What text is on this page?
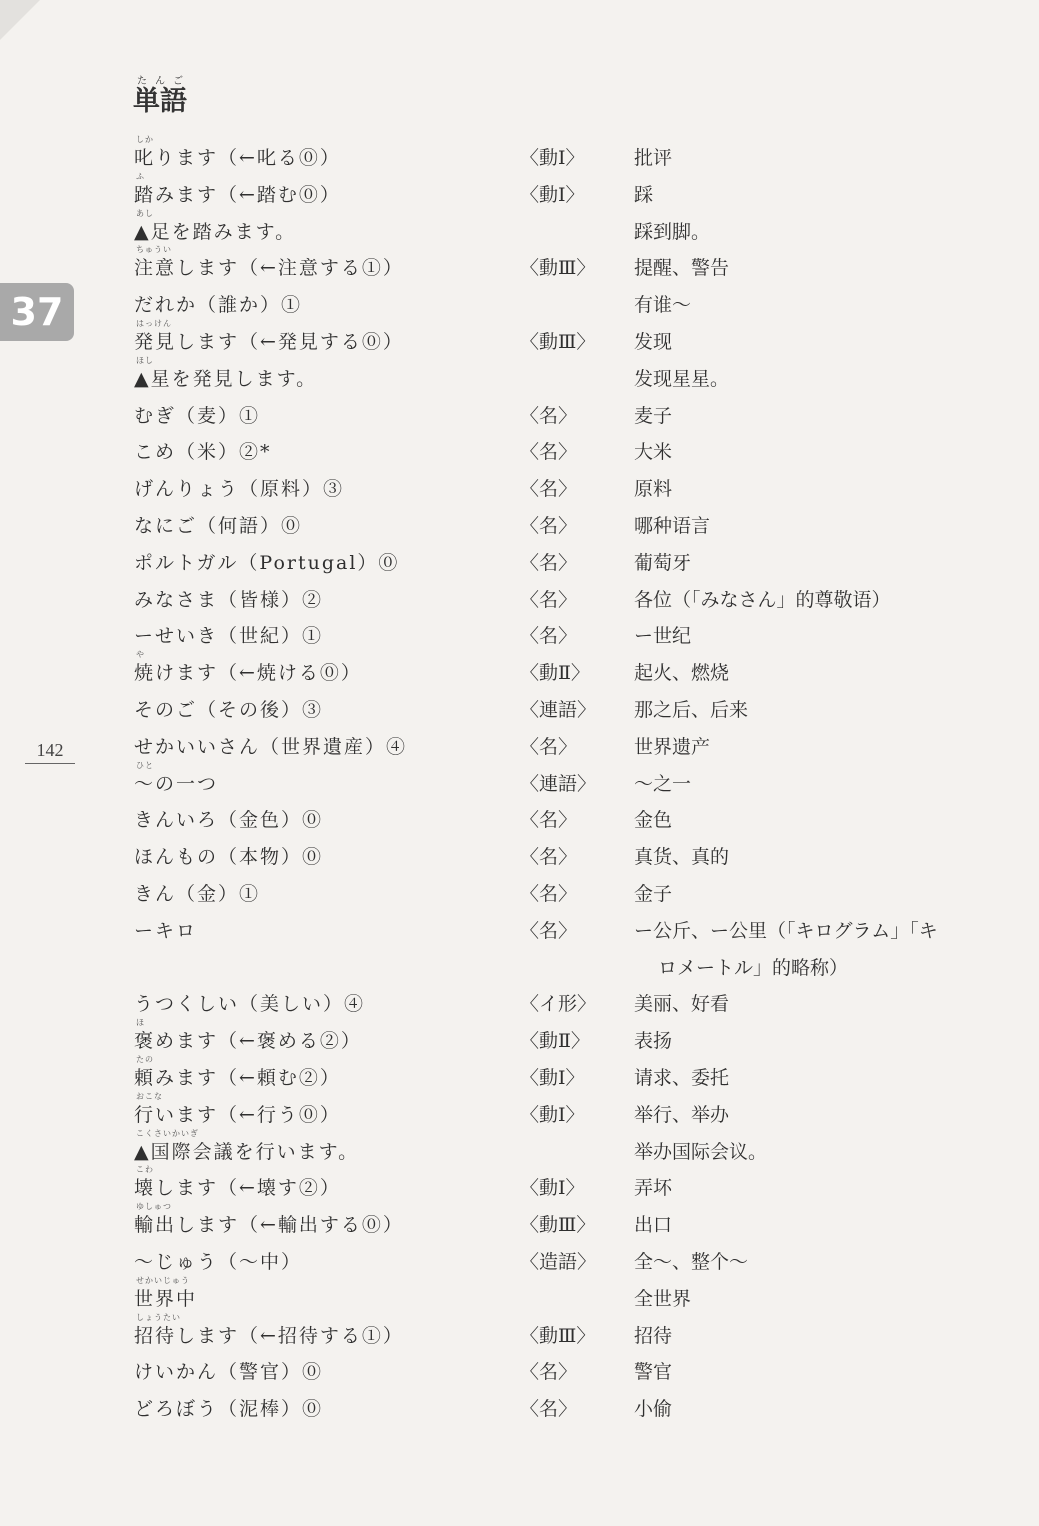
37
142
単語たんご
しか
叱ります（←叱る⓪）	〈動Ⅰ〉	批评
ふ
踏みます（←踏む⓪）	〈動Ⅰ〉	踩
あし
▲足を踏みます。	踩到脚。
ちゅうい
注意します（←注意する①）	〈動Ⅲ〉 提醒、警告
だれか（誰か）①	有谁～
はっけん
発見します（←発見する⓪）	〈動Ⅲ〉 发现
ほし
▲星を発見します。	发现星星。
むぎ（麦）①	〈名〉	麦子
こめ（米）②*	〈名〉	大米
げんりょう（原料）③	〈名〉	原料
なにご（何語）⓪	〈名〉	哪种语言
ポルトガル（Portugal）⓪	〈名〉	葡萄牙
みなさま（皆様）②	〈名〉	各位（「みなさん」的尊敬语）
ーせいき（世紀）①	〈名〉	ー世纪
や
焼けます（←焼ける⓪）	〈動Ⅱ〉	起火、燃烧
そのご（その後）③	〈連語〉 那之后、后来
せかいいさん（世界遺産）④	〈名〉	世界遗产
ひと
～の一つ	〈連語〉 ～之一
きんいろ（金色）⓪	〈名〉	金色
ほんもの（本物）⓪	〈名〉	真货、真的
きん（金）①	〈名〉	金子
ーキロ	〈名〉	ー公斤、ー公里（「キログラム」「キ
ロメートル」的略称）
うつくしい（美しい）④	〈イ形〉 美丽、好看
ほ
褒めます（←褒める②）	〈動Ⅱ〉	表扬
たの
頼みます（←頼む②）	〈動Ⅰ〉	请求、委托
おこな
行います（←行う⓪）	〈動Ⅰ〉	举行、举办
こくさいかいぎ
▲国際会議を行います。	举办国际会议。
こわ
壊します（←壊す②）	〈動Ⅰ〉	弄坏
ゆしゅつ
輸出します（←輸出する⓪）	〈動Ⅲ〉 出口
～じゅう（～中）	〈造語〉 全～、整个～
せかいじゅう
世界中	全世界
しょうたい
招待します（←招待する①）	〈動Ⅲ〉 招待
けいかん（警官）⓪	〈名〉	警官
どろぼう（泥棒）⓪	〈名〉	小偷
